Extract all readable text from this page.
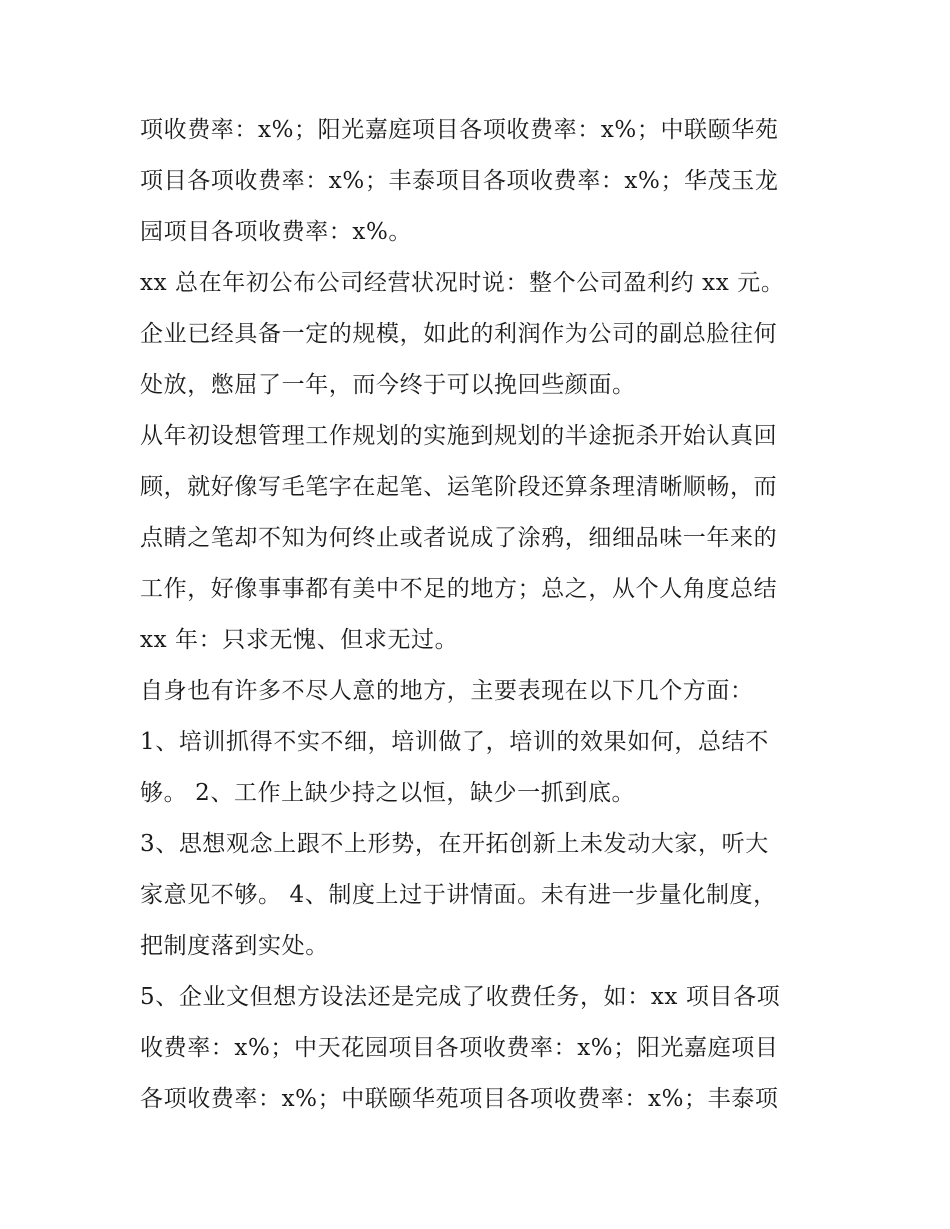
项收费率：x%；阳光嘉庭项目各项收费率：x%；中联颐华苑
项目各项收费率：x%；丰泰项目各项收费率：x%；华茂玉龙
园项目各项收费率：x%。
xx 总在年初公布公司经营状况时说：整个公司盈利约 xx 元。
企业已经具备一定的规模，如此的利润作为公司的副总脸往何
处放，憋屈了一年，而今终于可以挽回些颜面。
从年初设想管理工作规划的实施到规划的半途扼杀开始认真回
顾，就好像写毛笔字在起笔、运笔阶段还算条理清晰顺畅，而
点睛之笔却不知为何终止或者说成了涂鸦，细细品味一年来的
工作，好像事事都有美中不足的地方；总之，从个人角度总结
xx 年：只求无愧、但求无过。
自身也有许多不尽人意的地方，主要表现在以下几个方面：
1、培训抓得不实不细，培训做了，培训的效果如何，总结不
够。 2、工作上缺少持之以恒，缺少一抓到底。
3、思想观念上跟不上形势，在开拓创新上未发动大家，听大
家意见不够。 4、制度上过于讲情面。未有进一步量化制度，
把制度落到实处。
5、企业文但想方设法还是完成了收费任务，如：xx 项目各项
收费率：x%；中天花园项目各项收费率：x%；阳光嘉庭项目
各项收费率：x%；中联颐华苑项目各项收费率：x%；丰泰项
